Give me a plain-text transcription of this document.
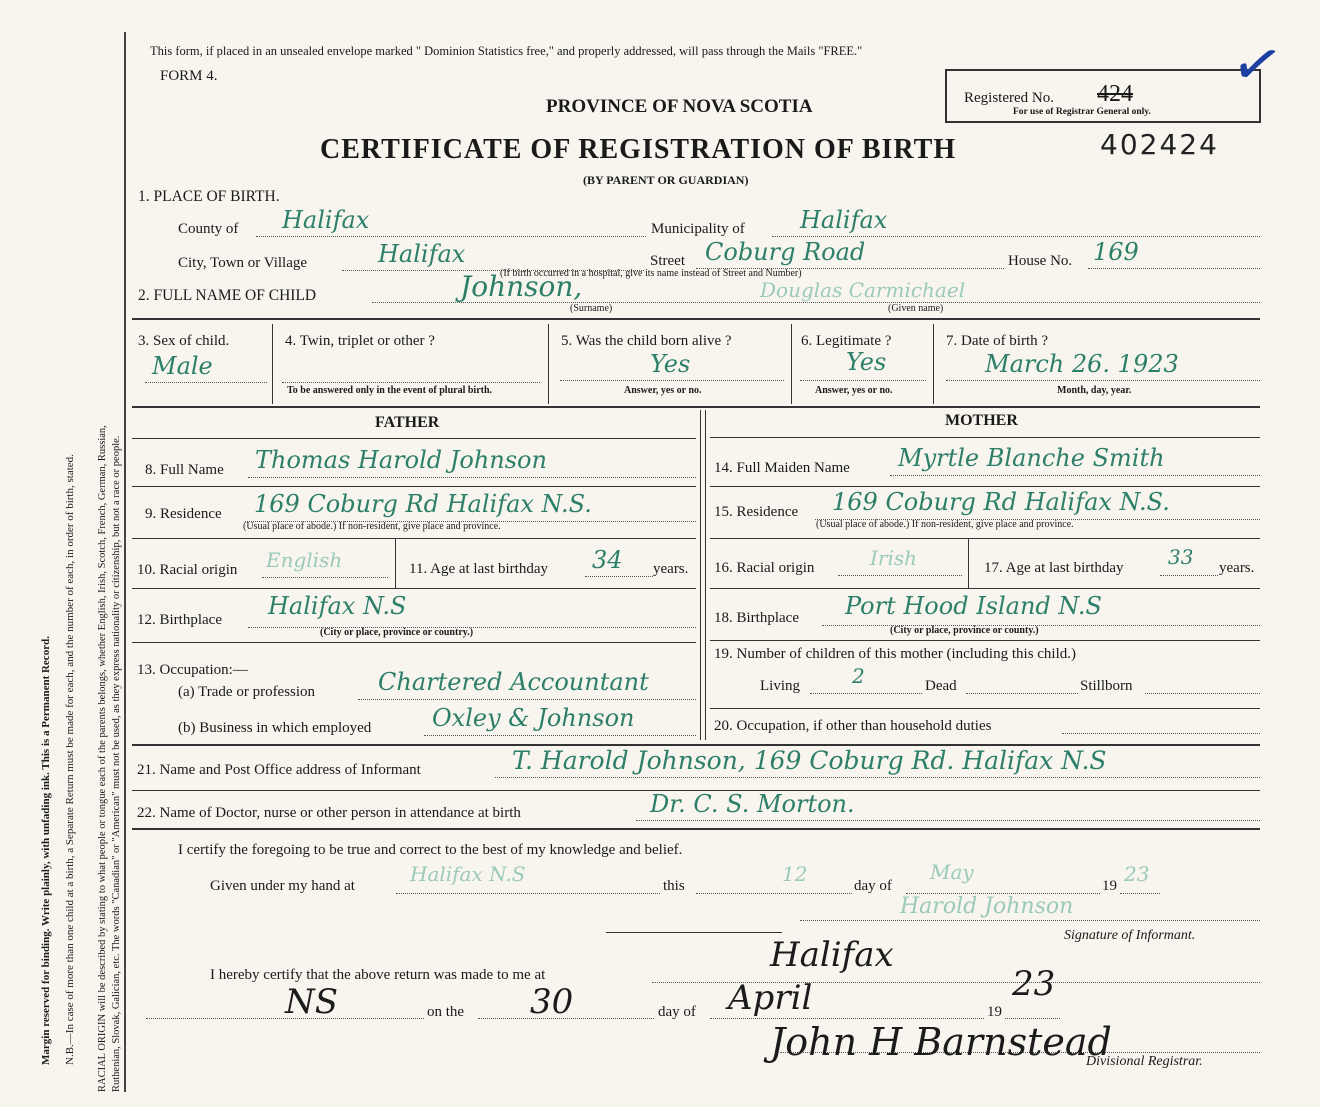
RACIAL ORIGIN will be described by stating to what people or tongue each of the parents belongs, whether English, Irish, Scotch, French, German, Russian, Ruthenian, Slovak, Galician, etc. The words "Canadian" or "American" must not be used, as they express nationality or citizenship, but not a race or people.
N.B.—In case of more than one child at a birth, a Separate Return must be made for each, and the number of each, in order of birth, stated.
Margin reserved for binding. Write plainly, with unfading ink. This is a Permanent Record.
This form, if placed in an unsealed envelope marked " Dominion Statistics free," and properly addressed, will pass through the Mails "FREE."
FORM 4.
PROVINCE OF NOVA SCOTIA
CERTIFICATE OF REGISTRATION OF BIRTH
(BY PARENT OR GUARDIAN)
Registered No. 424
For use of Registrar General only.
402424
✓
1. PLACE OF BIRTH.
County of Halifax	Municipality of Halifax
City, Town or Village	Halifax	Street Coburg Road	House No. 169
(If birth occurred in a hospital, give its name instead of Street and Number)
2. FULL NAME OF CHILD	Johnson,	Douglas Carmichael
(Surname)	(Given name)
3. Sex of child.
Male
4. Twin, triplet or other ?
To be answered only in the event of plural birth.
5. Was the child born alive ?
Yes
Answer, yes or no.
6. Legitimate ?
Yes
Answer, yes or no.
7. Date of birth ?
March 26. 1923
Month, day, year.
FATHER
8. Full Name Thomas Harold Johnson
9. Residence 169 Coburg Rd Halifax N.S.
(Usual place of abode.) If non-resident, give place and province.
10. Racial origin English	11. Age at last birthday 34 years.
12. Birthplace Halifax N.S
(City or place, province or country.)
13. Occupation:—
(a) Trade or profession	Chartered Accountant
(b) Business in which employed	Oxley & Johnson
MOTHER
14. Full Maiden Name Myrtle Blanche Smith
15. Residence 169 Coburg Rd Halifax N.S.
(Usual place of abode.) If non-resident, give place and province.
16. Racial origin	Irish	17. Age at last birthday 33 years.
18. Birthplace Port Hood Island N.S
(City or place, province or county.)
19. Number of children of this mother (including this child.)
Living	2	Dead	Stillborn
20. Occupation, if other than household duties
21. Name and Post Office address of Informant	T. Harold Johnson, 169 Coburg Rd. Halifax N.S
22. Name of Doctor, nurse or other person in attendance at birth	Dr. C. S. Morton.
I certify the foregoing to be true and correct to the best of my knowledge and belief.
Given under my hand at	Halifax N.S	this	12	day of
May
19 23
Harold Johnson
Signature of Informant.
I hereby certify that the above return was made to me at	Halifax
NS	on the 30	day of April	19
23
John H Barnstead
Divisional Registrar.
